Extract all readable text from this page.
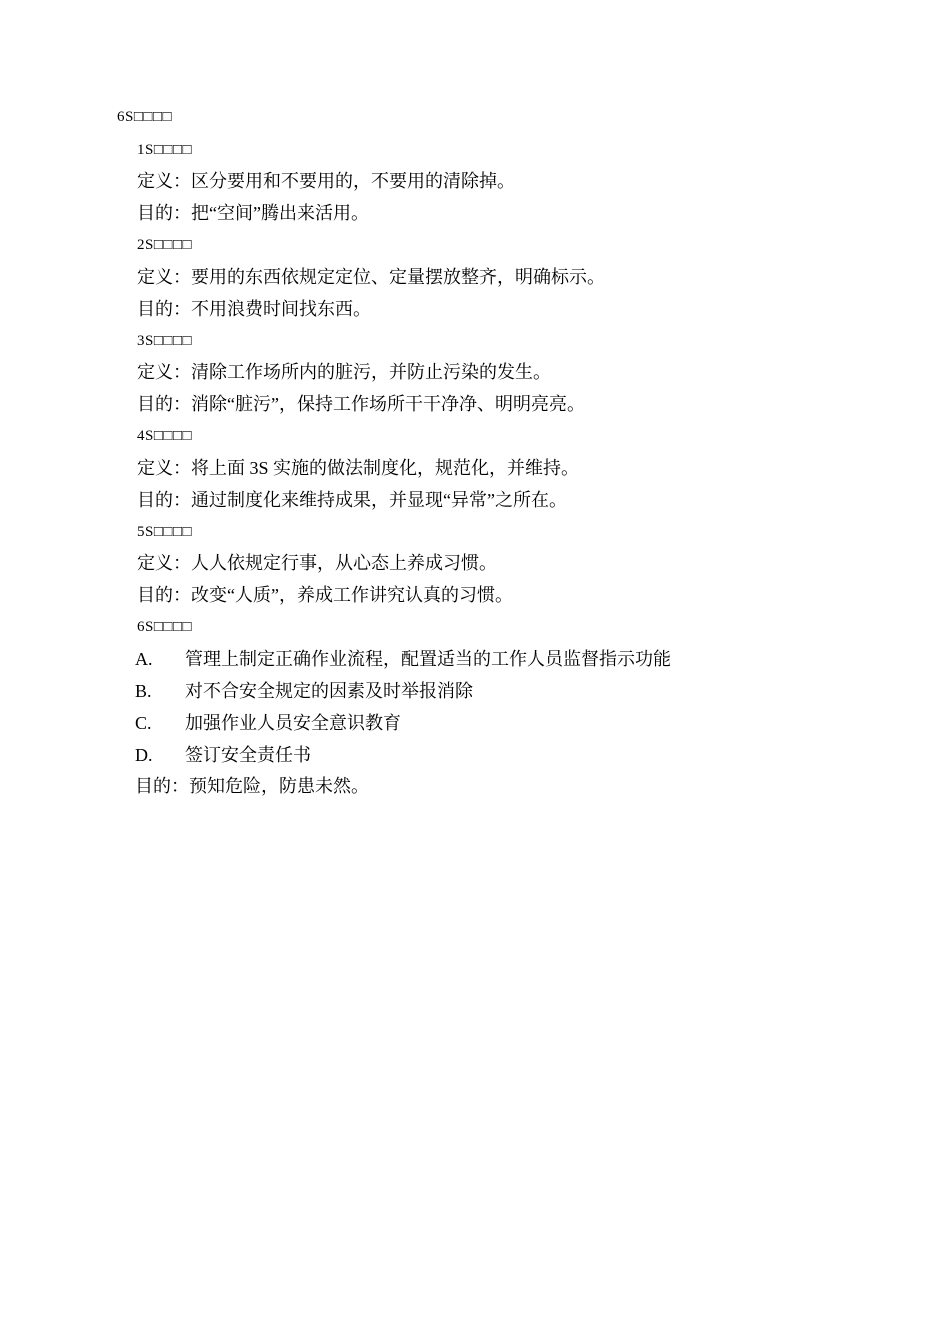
6S□□□□
1S□□□□
定义：区分要用和不要用的，不要用的清除掉。
目的：把“空间”腾出来活用。
2S□□□□
定义：要用的东西依规定定位、定量摆放整齐，明确标示。
目的：不用浪费时间找东西。
3S□□□□
定义：清除工作场所内的脏污，并防止污染的发生。
目的：消除“脏污”，保持工作场所干干净净、明明亮亮。
4S□□□□
定义：将上面 3S 实施的做法制度化，规范化，并维持。
目的：通过制度化来维持成果，并显现“异常”之所在。
5S□□□□
定义：人人依规定行事，从心态上养成习惯。
目的：改变“人质”，养成工作讲究认真的习惯。
6S□□□□
A. 管理上制定正确作业流程，配置适当的工作人员监督指示功能
B. 对不合安全规定的因素及时举报消除
C. 加强作业人员安全意识教育
D. 签订安全责任书
目的：预知危险，防患未然。
